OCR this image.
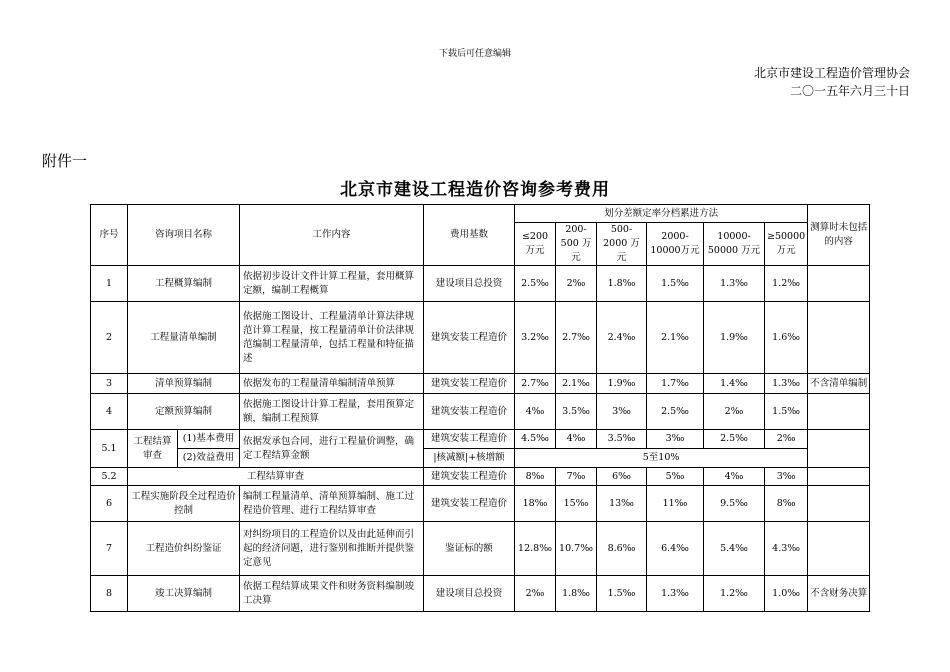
下载后可任意编辑
北京市建设工程造价管理协会
二〇一五年六月三十日
附件一
北京市建设工程造价咨询参考费用
序号	咨询项目名称		工作内容	费用基数	划分差额定率分档累进方法						测算时未包括的内容
					≤200 万元	200-500 万元	500-2000 万元	2000-10000万元	10000-50000 万元	≥50000 万元	
1	工程概算编制		依据初步设计文件计算工程量，套用概算定额，编制工程概算	建设项目总投资	2.5‰	2‰	1.8‰	1.5‰	1.3‰	1.2‰	
2	工程量清单编制		依据施工图设计、工程量清单计算法律规范计算工程量，按工程量清单计价法律规范编制工程量清单，包括工程量和特征描述	建筑安装工程造价	3.2‰	2.7‰	2.4‰	2.1‰	1.9‰	1.6‰	
3	清单预算编制		依据发布的工程量清单编制清单预算	建筑安装工程造价	2.7‰	2.1‰	1.9‰	1.7‰	1.4‰	1.3‰	不含清单编制
4	定额预算编制		依据施工图设计计算工程量，套用预算定额，编制工程预算	建筑安装工程造价	4‰	3.5‰	3‰	2.5‰	2‰	1.5‰	
5.1	工程结算审查	(1)基本费用	依据发承包合同，进行工程量价调整，确定工程结算金额	建筑安装工程造价	4.5‰	4‰	3.5‰	3‰	2.5‰	2‰	
		(2)效益费用		|核减额|+核增额	5至10%						
5.2	工程结算审查			建筑安装工程造价	8‰	7‰	6‰	5‰	4‰	3‰	
6	工程实施阶段全过程造价控制		编制工程量清单、清单预算编制、施工过程造价管理、进行工程结算审查	建筑安装工程造价	18‰	15‰	13‰	11‰	9.5‰	8‰	
7	工程造价纠纷鉴证		对纠纷项目的工程造价以及由此延伸而引起的经济问题，进行鉴别和推断并提供鉴定意见	鉴证标的额	12.8‰	10.7‰	8.6‰	6.4‰	5.4‰	4.3‰	
8	竣工决算编制		依据工程结算成果文件和财务资料编制竣工决算	建设项目总投资	2‰	1.8‰	1.5‰	1.3‰	1.2‰	1.0‰	不含财务决算
